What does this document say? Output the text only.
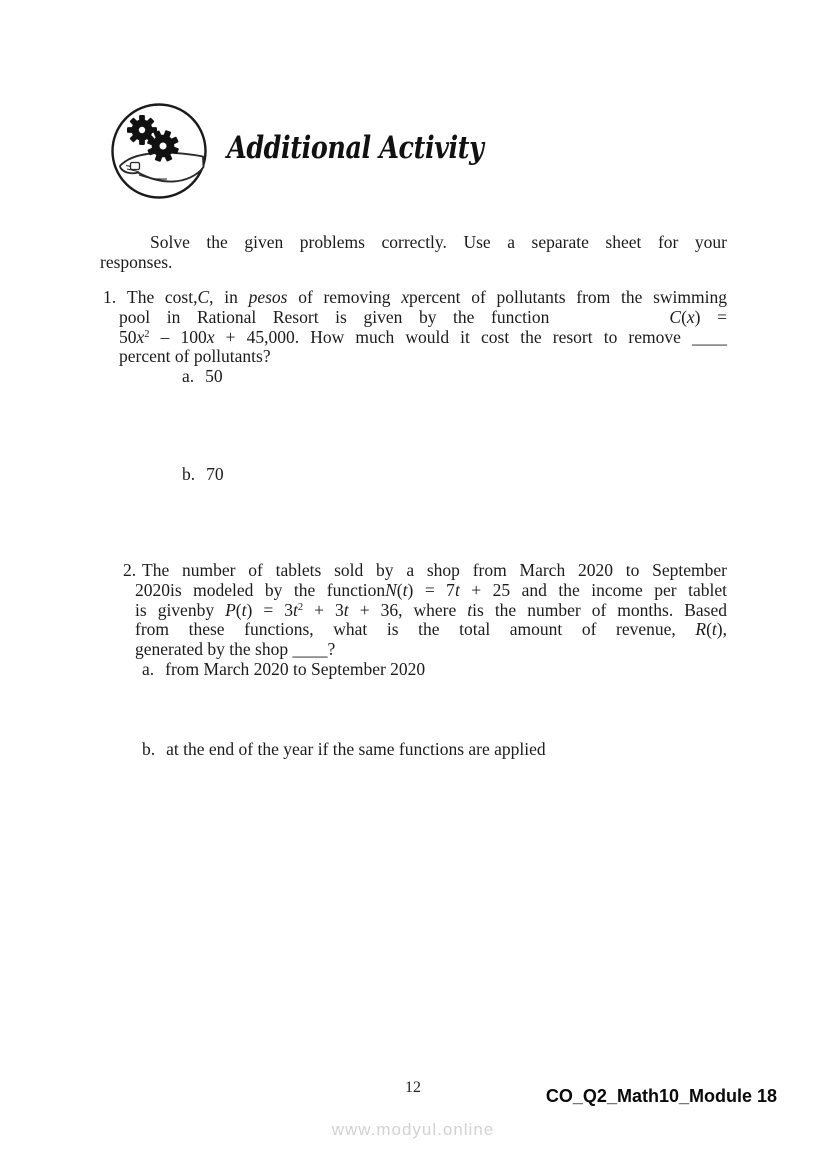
Additional Activity

Solve the given problems correctly. Use a separate sheet for your
responses.

1. The cost,C, in pesos of removing xpercent of pollutants from the swimming
pool in Rational Resort is given by the function	C(x) =
$50x^2 - 100x + 45,000$. How much would it cost the resort to remove ____
percent of pollutants?
a. 50
b. 70
2. The number of tablets sold by a shop from March 2020 to September
2020is modeled by the functionN(t) = 7t + 25 and the income per tablet
is givenby $P(t) = 3t^2 + 3t + 36$, where tis the number of months. Based
from these functions, what is the total amount of revenue, R(t),
generated by the shop ____?
a. from March 2020 to September 2020
b. at the end of the year if the same functions are applied
12	CO_Q2_Math10_Module 18
www.modyul.online
